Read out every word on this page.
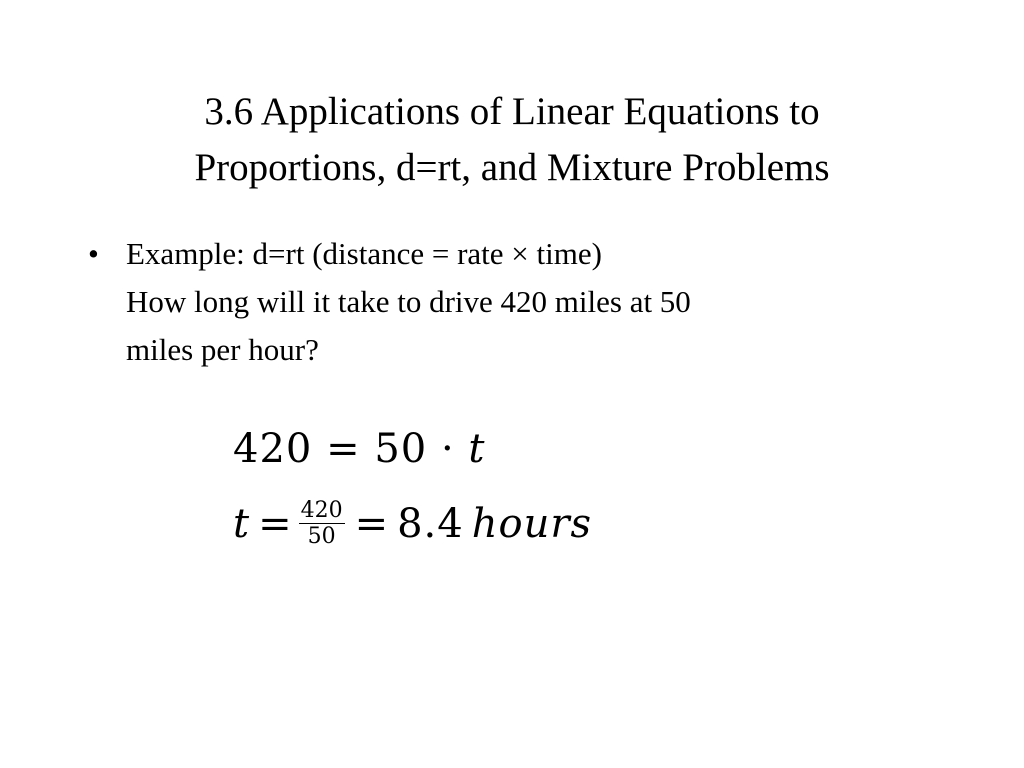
3.6 Applications of Linear Equations to
Proportions, d=rt, and Mixture Problems
• Example: d=rt (distance = rate × time)
How long will it take to drive 420 miles at 50
miles per hour?
420 = 50 · t
$t = \frac{420}{50} = 8.4$ hours
